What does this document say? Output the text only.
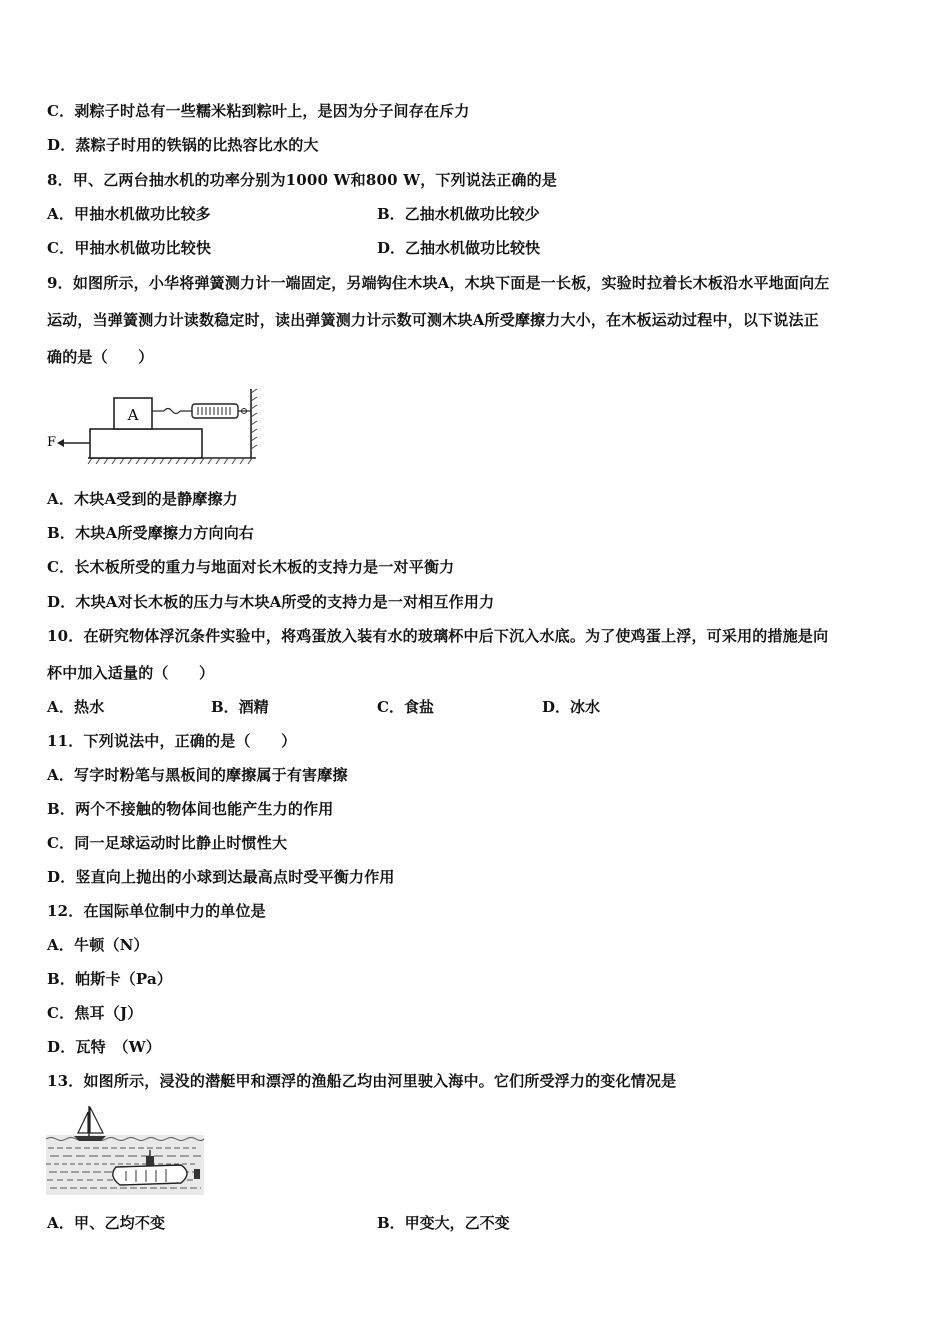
C．剥粽子时总有一些糯米粘到粽叶上，是因为分子间存在斥力
D．蒸粽子时用的铁锅的比热容比水的大
8．甲、乙两台抽水机的功率分别为1000 W和800 W，下列说法正确的是
A．甲抽水机做功比较多	B．乙抽水机做功比较少
C．甲抽水机做功比较快	D．乙抽水机做功比较快
9．如图所示，小华将弹簧测力计一端固定，另端钩住木块A，木块下面是一长板，实验时拉着长木板沿水平地面向左
运动，当弹簧测力计读数稳定时，读出弹簧测力计示数可测木块A所受摩擦力大小，在木板运动过程中，以下说法正
确的是（　　）
A
F
A．木块A受到的是静摩擦力
B．木块A所受摩擦力方向向右
C．长木板所受的重力与地面对长木板的支持力是一对平衡力
D．木块A对长木板的压力与木块A所受的支持力是一对相互作用力
10．在研究物体浮沉条件实验中，将鸡蛋放入装有水的玻璃杯中后下沉入水底。为了使鸡蛋上浮，可采用的措施是向
杯中加入适量的（　　）
A．热水	B．酒精	C．食盐	D．冰水
11．下列说法中，正确的是（　　）
A．写字时粉笔与黑板间的摩擦属于有害摩擦
B．两个不接触的物体间也能产生力的作用
C．同一足球运动时比静止时惯性大
D．竖直向上抛出的小球到达最高点时受平衡力作用
12．在国际单位制中力的单位是
A．牛顿（N）
B．帕斯卡（Pa）
C．焦耳（J）
D．瓦特　（W）
13．如图所示，浸没的潜艇甲和漂浮的渔船乙均由河里驶入海中。它们所受浮力的变化情况是
A．甲、乙均不变	B．甲变大，乙不变
